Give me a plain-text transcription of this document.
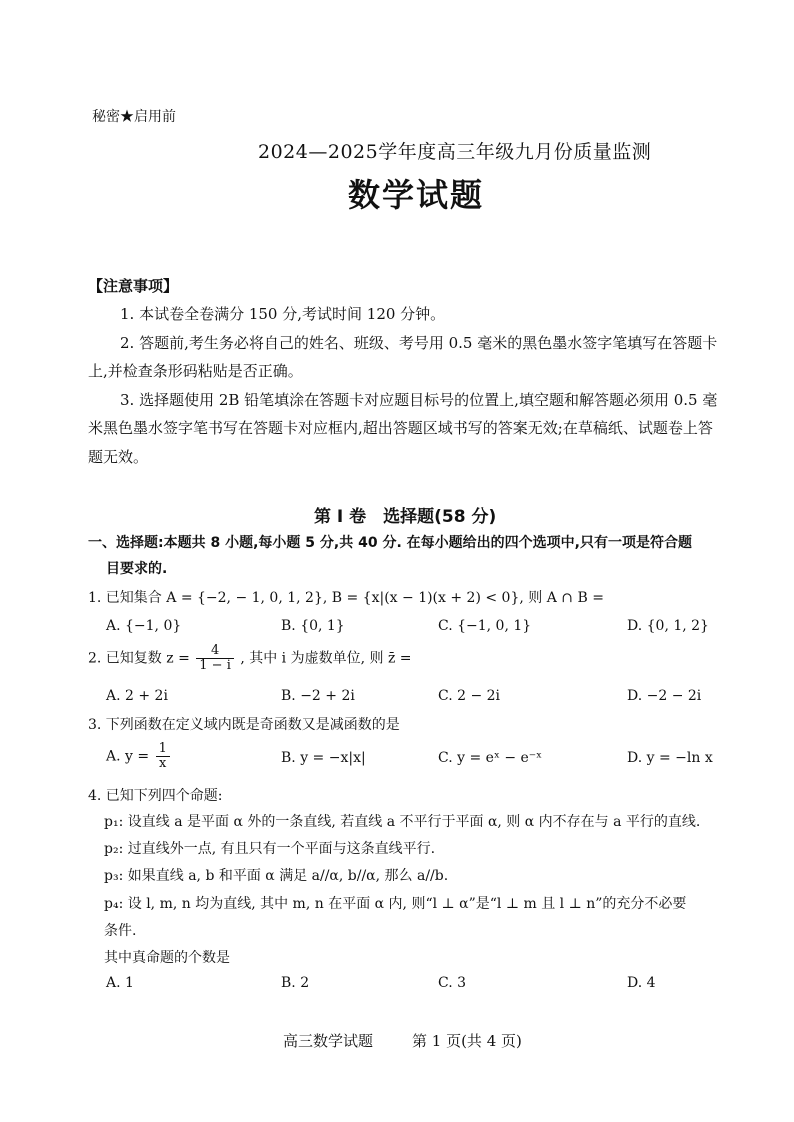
秘密★启用前
2024—2025学年度高三年级九月份质量监测
数学试题
【注意事项】
1. 本试卷全卷满分 150 分,考试时间 120 分钟。
2. 答题前,考生务必将自己的姓名、班级、考号用 0.5 毫米的黑色墨水签字笔填写在答题卡
上,并检查条形码粘贴是否正确。
3. 选择题使用 2B 铅笔填涂在答题卡对应题目标号的位置上,填空题和解答题必须用 0.5 毫
米黑色墨水签字笔书写在答题卡对应框内,超出答题区域书写的答案无效;在草稿纸、试题卷上答
题无效。
第 Ⅰ 卷　选择题(58 分)
一、选择题:本题共 8 小题,每小题 5 分,共 40 分. 在每小题给出的四个选项中,只有一项是符合题
目要求的.
1. 已知集合 A = {−2, − 1, 0, 1, 2}, B = {x|(x − 1)(x + 2) < 0}, 则 A ∩ B =
A. {−1, 0}	B. {0, 1}	C. {−1, 0, 1}	D. {0, 1, 2}
2. 已知复数 $z = \frac{4}{1 - i}$ , 其中 i 为虚数单位, 则 z̄ =
A. 2 + 2i	B. −2 + 2i	C. 2 − 2i	D. −2 − 2i
3. 下列函数在定义域内既是奇函数又是减函数的是
A. $y = \frac{1}{x}$	B. y = −x|x|	C. y = eˣ − e⁻ˣ	D. y = −ln x
4. 已知下列四个命题:
p₁: 设直线 a 是平面 α 外的一条直线, 若直线 a 不平行于平面 α, 则 α 内不存在与 a 平行的直线.
p₂: 过直线外一点, 有且只有一个平面与这条直线平行.
p₃: 如果直线 a, b 和平面 α 满足 a//α, b//α, 那么 a//b.
p₄: 设 l, m, n 均为直线, 其中 m, n 在平面 α 内, 则“l ⊥ α”是“l ⊥ m 且 l ⊥ n”的充分不必要
条件.
其中真命题的个数是
A. 1	B. 2	C. 3	D. 4
高三数学试题	第 1 页(共 4 页)
